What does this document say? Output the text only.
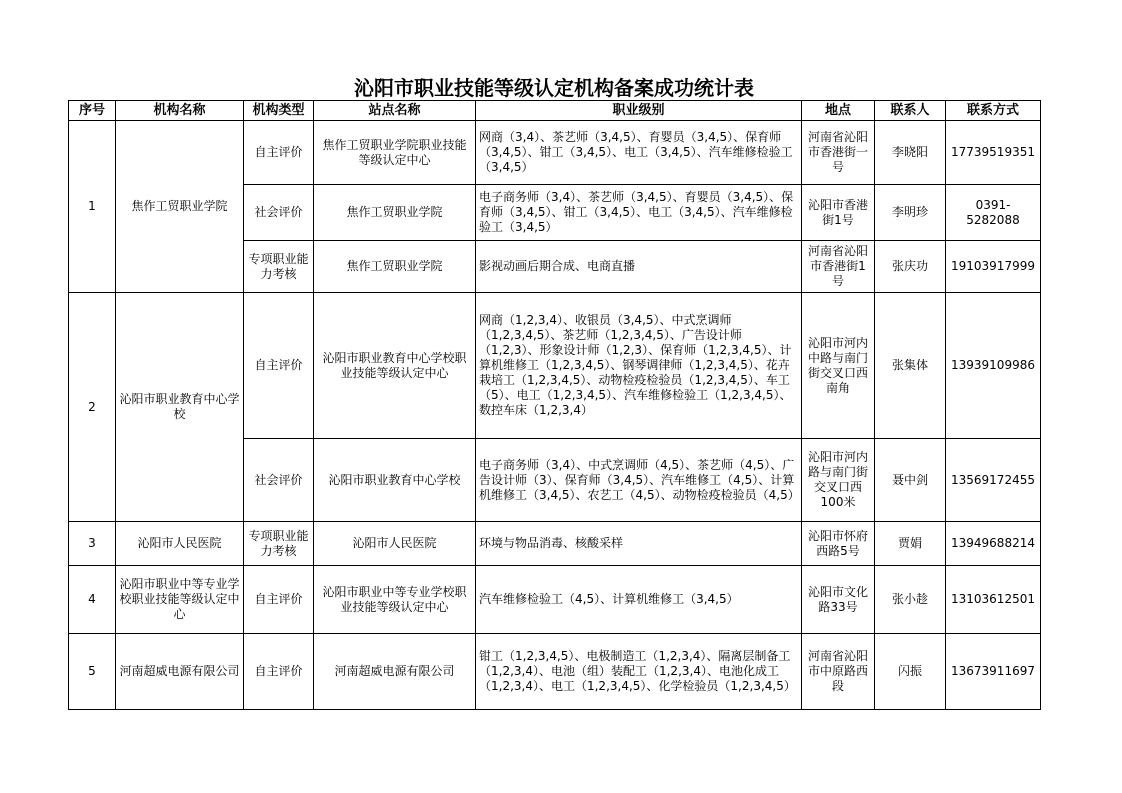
沁阳市职业技能等级认定机构备案成功统计表
序号	机构名称	机构类型	站点名称	职业级别	地点	联系人	联系方式
1	焦作工贸职业学院	自主评价	焦作工贸职业学院职业技能等级认定中心	网商（3,4）、茶艺师（3,4,5）、育婴员（3,4,5）、保育师（3,4,5）、钳工（3,4,5）、电工（3,4,5）、汽车维修检验工（3,4,5）	河南省沁阳市香港街一号	李晓阳	17739519351
		社会评价	焦作工贸职业学院	电子商务师（3,4）、茶艺师（3,4,5）、育婴员（3,4,5）、保育师（3,4,5）、钳工（3,4,5）、电工（3,4,5）、汽车维修检验工（3,4,5）	沁阳市香港街1号	李明珍	0391-5282088
		专项职业能力考核	焦作工贸职业学院	影视动画后期合成、电商直播	河南省沁阳市香港街1号	张庆功	19103917999
2	沁阳市职业教育中心学校	自主评价	沁阳市职业教育中心学校职业技能等级认定中心	网商（1,2,3,4）、收银员（3,4,5）、中式烹调师（1,2,3,4,5）、茶艺师（1,2,3,4,5）、广告设计师（1,2,3）、形象设计师（1,2,3）、保育师（1,2,3,4,5）、计算机维修工（1,2,3,4,5）、钢琴调律师（1,2,3,4,5）、花卉栽培工（1,2,3,4,5）、动物检疫检验员（1,2,3,4,5）、车工（5）、电工（1,2,3,4,5）、汽车维修检验工（1,2,3,4,5）、数控车床（1,2,3,4）	沁阳市河内中路与南门街交叉口西南角	张集体	13939109986
		社会评价	沁阳市职业教育中心学校	电子商务师（3,4）、中式烹调师（4,5）、茶艺师（4,5）、广告设计师（3）、保育师（3,4,5）、汽车维修工（4,5）、计算机维修工（3,4,5）、农艺工（4,5）、动物检疫检验员（4,5）	沁阳市河内路与南门街交叉口西100米	聂中剑	13569172455
3	沁阳市人民医院	专项职业能力考核	沁阳市人民医院	环境与物品消毒、核酸采样	沁阳市怀府西路5号	贾娟	13949688214
4	沁阳市职业中等专业学校职业技能等级认定中心	自主评价	沁阳市职业中等专业学校职业技能等级认定中心	汽车维修检验工（4,5）、计算机维修工（3,4,5）	沁阳市文化路33号	张小趁	13103612501
5	河南超威电源有限公司	自主评价	河南超威电源有限公司	钳工（1,2,3,4,5）、电极制造工（1,2,3,4）、隔离层制备工（1,2,3,4）、电池（组）装配工（1,2,3,4）、电池化成工（1,2,3,4）、电工（1,2,3,4,5）、化学检验员（1,2,3,4,5）	河南省沁阳市中原路西段	闪振	13673911697
